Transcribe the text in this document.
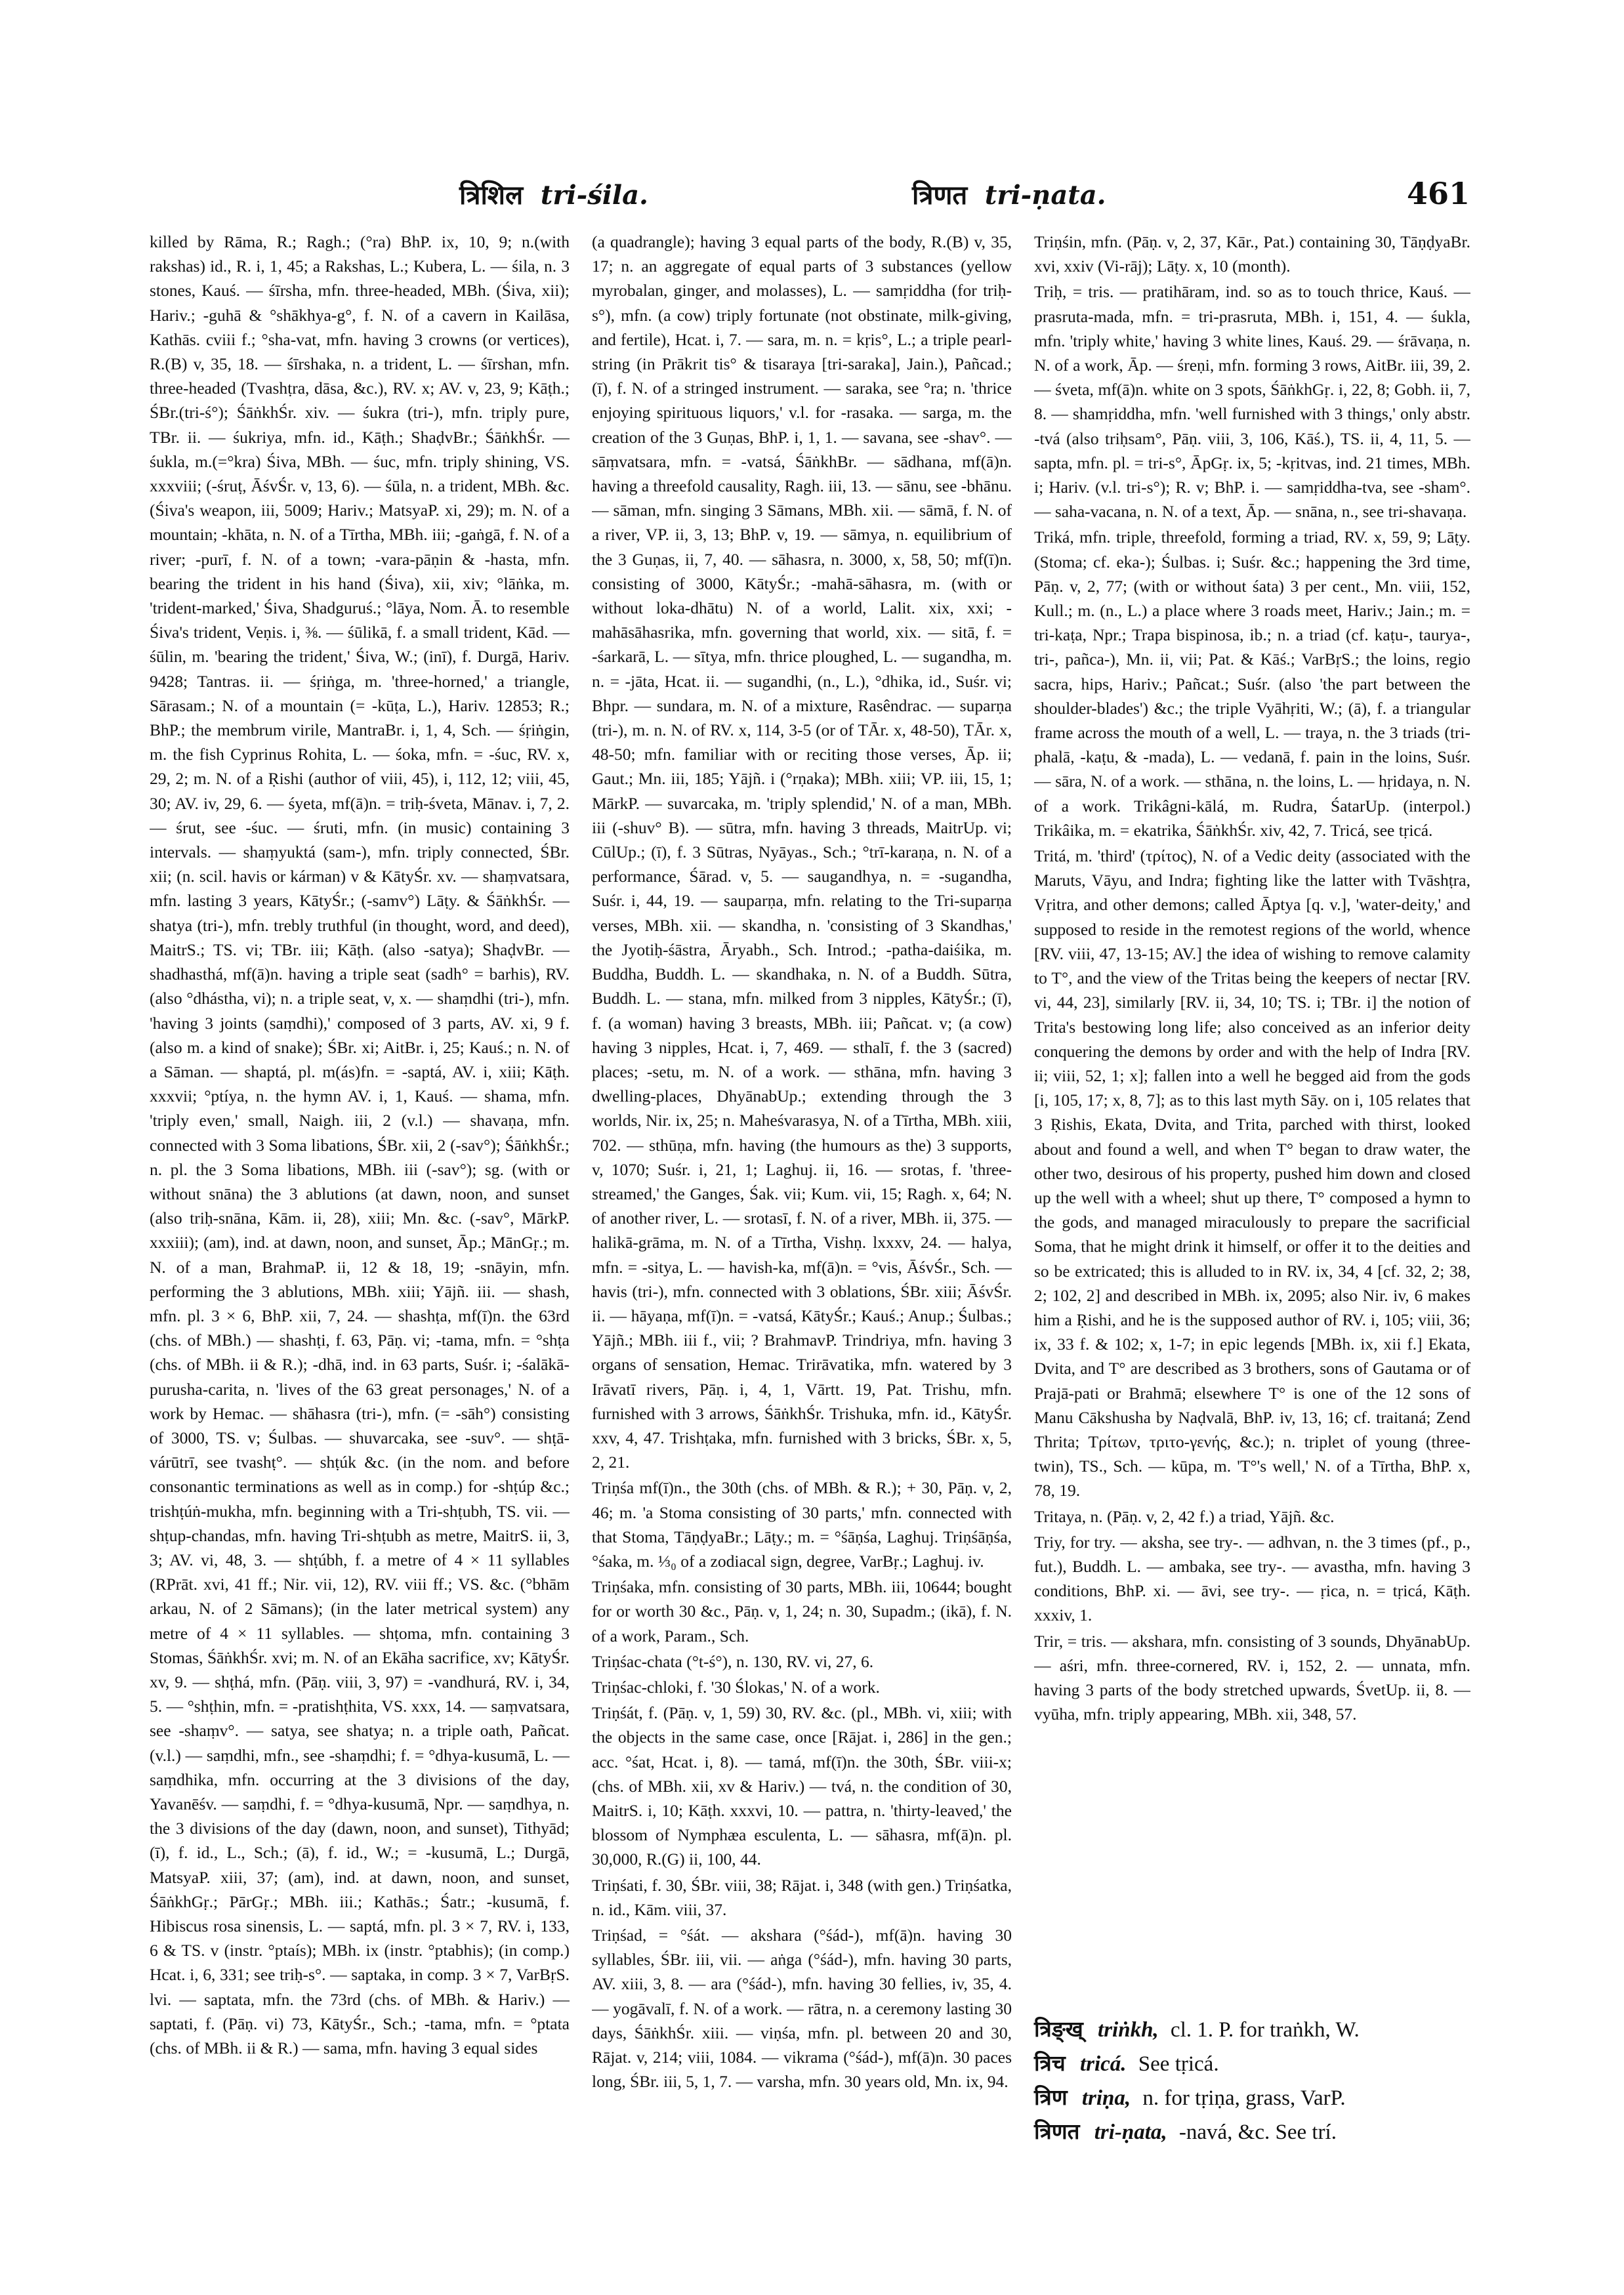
त्रिशिल tri-śila.	त्रिणत tri-ṇata.	461

killed by Rāma, R.; Ragh.; (°ra) BhP. ix, 10, 9; n.(with rakshas) id., R. i, 1, 45; a Rakshas, L.; Kubera, L. — śila, n. 3 stones, Kauś. — śīrsha, mfn. three-headed, MBh. (Śiva, xii); Hariv.; -guhā & °shākhya-g°, f. N. of a cavern in Kailāsa, Kathās. cviii f.; °sha-vat, mfn. having 3 crowns (or vertices), R.(B) v, 35, 18. — śīrshaka, n. a trident, L. — śīrshan, mfn. three-headed (Tvashṭra, dāsa, &c.), RV. x; AV. v, 23, 9; Kāṭh.; ŚBr.(tri-ś°); ŚāṅkhŚr. xiv. — śukra (tri-), mfn. triply pure, TBr. ii. — śukriya, mfn. id., Kāṭh.; ShaḍvBr.; ŚāṅkhŚr. — śukla, m.(=°kra) Śiva, MBh. — śuc, mfn. triply shining, VS. xxxviii; (-śruṭ, ĀśvŚr. v, 13, 6). — śūla, n. a trident, MBh. &c. (Śiva's weapon, iii, 5009; Hariv.; MatsyaP. xi, 29); m. N. of a mountain; -khāta, n. N. of a Tīrtha, MBh. iii; -gaṅgā, f. N. of a river; -purī, f. N. of a town; -vara-pāṇin & -hasta, mfn. bearing the trident in his hand (Śiva), xii, xiv; °lāṅka, m. 'trident-marked,' Śiva, Shadguruś.; °lāya, Nom. Ā. to resemble Śiva's trident, Veṇis. i, ⅜. — śūlikā, f. a small trident, Kād. — śūlin, m. 'bearing the trident,' Śiva, W.; (inī), f. Durgā, Hariv. 9428; Tantras. ii. — śṛiṅga, m. 'three-horned,' a triangle, Sārasam.; N. of a mountain (= -kūṭa, L.), Hariv. 12853; R.; BhP.; the membrum virile, MantraBr. i, 1, 4, Sch. — śṛiṅgin, m. the fish Cyprinus Rohita, L. — śoka, mfn. = -śuc, RV. x, 29, 2; m. N. of a Ṛishi (author of viii, 45), i, 112, 12; viii, 45, 30; AV. iv, 29, 6. — śyeta, mf(ā)n. = triḥ-śveta, Mānav. i, 7, 2. — śrut, see -śuc. — śruti, mfn. (in music) containing 3 intervals. — shaṃyuktá (sam-), mfn. triply connected, ŚBr. xii; (n. scil. havis or kárman) v & KātyŚr. xv. — shaṃvatsara, mfn. lasting 3 years, KātyŚr.; (-samv°) Lāṭy. & ŚāṅkhŚr. — shatya (tri-), mfn. trebly truthful (in thought, word, and deed), MaitrS.; TS. vi; TBr. iii; Kāṭh. (also -satya); ShaḍvBr. — shadhasthá, mf(ā)n. having a triple seat (sadh° = barhis), RV. (also °dhástha, vi); n. a triple seat, v, x. — shaṃdhi (tri-), mfn. 'having 3 joints (saṃdhi),' composed of 3 parts, AV. xi, 9 f. (also m. a kind of snake); ŚBr. xi; AitBr. i, 25; Kauś.; n. N. of a Sāman. — shaptá, pl. m(ás)fn. = -saptá, AV. i, xiii; Kāṭh. xxxvii; °ptíya, n. the hymn AV. i, 1, Kauś. — shama, mfn. 'triply even,' small, Naigh. iii, 2 (v.l.) — shavaṇa, mfn. connected with 3 Soma libations, ŚBr. xii, 2 (-sav°); ŚāṅkhŚr.; n. pl. the 3 Soma libations, MBh. iii (-sav°); sg. (with or without snāna) the 3 ablutions (at dawn, noon, and sunset (also triḥ-snāna, Kām. ii, 28), xiii; Mn. &c. (-sav°, MārkP. xxxiii); (am), ind. at dawn, noon, and sunset, Āp.; MānGṛ.; m. N. of a man, BrahmaP. ii, 12 & 18, 19; -snāyin, mfn. performing the 3 ablutions, MBh. xiii; Yājñ. iii. — shash, mfn. pl. 3 × 6, BhP. xii, 7, 24. — shashṭa, mf(ī)n. the 63rd (chs. of MBh.) — shashṭi, f. 63, Pāṇ. vi; -tama, mfn. = °shṭa (chs. of MBh. ii & R.); -dhā, ind. in 63 parts, Suśr. i; -śalākā-purusha-carita, n. 'lives of the 63 great personages,' N. of a work by Hemac. — shāhasra (tri-), mfn. (= -sāh°) consisting of 3000, TS. v; Śulbas. — shuvarcaka, see -suv°. — shṭā-várūtrī, see tvashṭ°. — shṭúk &c. (in the nom. and before consonantic terminations as well as in comp.) for -shṭúp &c.; trishṭúṅ-mukha, mfn. beginning with a Tri-shṭubh, TS. vii. — shṭup-chandas, mfn. having Tri-shṭubh as metre, MaitrS. ii, 3, 3; AV. vi, 48, 3. — shṭúbh, f. a metre of 4 × 11 syllables (RPrāt. xvi, 41 ff.; Nir. vii, 12), RV. viii ff.; VS. &c. (°bhām arkau, N. of 2 Sāmans); (in the later metrical system) any metre of 4 × 11 syllables. — shṭoma, mfn. containing 3 Stomas, ŚāṅkhŚr. xvi; m. N. of an Ekāha sacrifice, xv; KātyŚr. xv, 9. — shṭhá, mfn. (Pāṇ. viii, 3, 97) = -vandhurá, RV. i, 34, 5. — °shṭhin, mfn. = -pratishṭhita, VS. xxx, 14. — saṃvatsara, see -shaṃv°. — satya, see shatya; n. a triple oath, Pañcat. (v.l.) — saṃdhi, mfn., see -shaṃdhi; f. = °dhya-kusumā, L. — saṃdhika, mfn. occurring at the 3 divisions of the day, Yavanēśv. — saṃdhi, f. = °dhya-kusumā, Npr. — saṃdhya, n. the 3 divisions of the day (dawn, noon, and sunset), Tithyād; (ī), f. id., L., Sch.; (ā), f. id., W.; = -kusumā, L.; Durgā, MatsyaP. xiii, 37; (am), ind. at dawn, noon, and sunset, ŚāṅkhGṛ.; PārGṛ.; MBh. iii.; Kathās.; Śatr.; -kusumā, f. Hibiscus rosa sinensis, L. — saptá, mfn. pl. 3 × 7, RV. i, 133, 6 & TS. v (instr. °ptaís); MBh. ix (instr. °ptabhis); (in comp.) Hcat. i, 6, 331; see triḥ-s°. — saptaka, in comp. 3 × 7, VarBṛS. lvi. — saptata, mfn. the 73rd (chs. of MBh. & Hariv.) — saptati, f. (Pāṇ. vi) 73, KātyŚr., Sch.; -tama, mfn. = °ptata (chs. of MBh. ii & R.) — sama, mfn. having 3 equal sides

(a quadrangle); having 3 equal parts of the body, R.(B) v, 35, 17; n. an aggregate of equal parts of 3 substances (yellow myrobalan, ginger, and molasses), L. — samṛiddha (for triḥ-s°), mfn. (a cow) triply fortunate (not obstinate, milk-giving, and fertile), Hcat. i, 7. — sara, m. n. = kṛis°, L.; a triple pearl-string (in Prākrit tis° & tisaraya [tri-saraka], Jain.), Pañcad.; (ī), f. N. of a stringed instrument. — saraka, see °ra; n. 'thrice enjoying spirituous liquors,' v.l. for -rasaka. — sarga, m. the creation of the 3 Guṇas, BhP. i, 1, 1. — savana, see -shav°. — sāṃvatsara, mfn. = -vatsá, ŚāṅkhBr. — sādhana, mf(ā)n. having a threefold causality, Ragh. iii, 13. — sānu, see -bhānu. — sāman, mfn. singing 3 Sāmans, MBh. xii. — sāmā, f. N. of a river, VP. ii, 3, 13; BhP. v, 19. — sāmya, n. equilibrium of the 3 Guṇas, ii, 7, 40. — sāhasra, n. 3000, x, 58, 50; mf(ī)n. consisting of 3000, KātyŚr.; -mahā-sāhasra, m. (with or without loka-dhātu) N. of a world, Lalit. xix, xxi; -mahāsāhasrika, mfn. governing that world, xix. — sitā, f. = -śarkarā, L. — sītya, mfn. thrice ploughed, L. — sugandha, m. n. = -jāta, Hcat. ii. — sugandhi, (n., L.), °dhika, id., Suśr. vi; Bhpr. — sundara, m. N. of a mixture, Rasêndrac. — suparṇa (tri-), m. n. N. of RV. x, 114, 3-5 (or of TĀr. x, 48-50), TĀr. x, 48-50; mfn. familiar with or reciting those verses, Āp. ii; Gaut.; Mn. iii, 185; Yājñ. i (°rṇaka); MBh. xiii; VP. iii, 15, 1; MārkP. — suvarcaka, m. 'triply splendid,' N. of a man, MBh. iii (-shuv° B). — sūtra, mfn. having 3 threads, MaitrUp. vi; CūlUp.; (ī), f. 3 Sūtras, Nyāyas., Sch.; °trī-karaṇa, n. N. of a performance, Śārad. v, 5. — saugandhya, n. = -sugandha, Suśr. i, 44, 19. — sauparṇa, mfn. relating to the Tri-suparṇa verses, MBh. xii. — skandha, n. 'consisting of 3 Skandhas,' the Jyotiḥ-śāstra, Āryabh., Sch. Introd.; -patha-daiśika, m. Buddha, Buddh. L. — skandhaka, n. N. of a Buddh. Sūtra, Buddh. L. — stana, mfn. milked from 3 nipples, KātyŚr.; (ī), f. (a woman) having 3 breasts, MBh. iii; Pañcat. v; (a cow) having 3 nipples, Hcat. i, 7, 469. — sthalī, f. the 3 (sacred) places; -setu, m. N. of a work. — sthāna, mfn. having 3 dwelling-places, DhyānabUp.; extending through the 3 worlds, Nir. ix, 25; n. Maheśvarasya, N. of a Tīrtha, MBh. xiii, 702. — sthūṇa, mfn. having (the humours as the) 3 supports, v, 1070; Suśr. i, 21, 1; Laghuj. ii, 16. — srotas, f. 'three-streamed,' the Ganges, Śak. vii; Kum. vii, 15; Ragh. x, 64; N. of another river, L. — srotasī, f. N. of a river, MBh. ii, 375. — halikā-grāma, m. N. of a Tīrtha, Vishṇ. lxxxv, 24. — halya, mfn. = -sitya, L. — havish-ka, mf(ā)n. = °vis, ĀśvŚr., Sch. — havis (tri-), mfn. connected with 3 oblations, ŚBr. xiii; ĀśvŚr. ii. — hāyaṇa, mf(ī)n. = -vatsá, KātyŚr.; Kauś.; Anup.; Śulbas.; Yājñ.; MBh. iii f., vii; ? BrahmavP. Trindriya, mfn. having 3 organs of sensation, Hemac. Trirāvatika, mfn. watered by 3 Irāvatī rivers, Pāṇ. i, 4, 1, Vārtt. 19, Pat. Trishu, mfn. furnished with 3 arrows, ŚāṅkhŚr. Trishuka, mfn. id., KātyŚr. xxv, 4, 47. Trishṭaka, mfn. furnished with 3 bricks, ŚBr. x, 5, 2, 21.

Triṇśa mf(ī)n., the 30th (chs. of MBh. & R.); + 30, Pāṇ. v, 2, 46; m. 'a Stoma consisting of 30 parts,' mfn. connected with that Stoma, TāṇḍyaBr.; Lāṭy.; m. = °śāṇśa, Laghuj. Triṇśāṇśa, °śaka, m. ⅓₀ of a zodiacal sign, degree, VarBṛ.; Laghuj. iv.

Triṇśaka, mfn. consisting of 30 parts, MBh. iii, 10644; bought for or worth 30 &c., Pāṇ. v, 1, 24; n. 30, Supadm.; (ikā), f. N. of a work, Param., Sch.

Triṇśac-chata (°t-ś°), n. 130, RV. vi, 27, 6.

Triṇśac-chloki, f. '30 Ślokas,' N. of a work.

Triṇśát, f. (Pāṇ. v, 1, 59) 30, RV. &c. (pl., MBh. vi, xiii; with the objects in the same case, once [Rājat. i, 286] in the gen.; acc. °śat, Hcat. i, 8). — tamá, mf(ī)n. the 30th, ŚBr. viii-x; (chs. of MBh. xii, xv & Hariv.) — tvá, n. the condition of 30, MaitrS. i, 10; Kāṭh. xxxvi, 10. — pattra, n. 'thirty-leaved,' the blossom of Nymphæa esculenta, L. — sāhasra, mf(ā)n. pl. 30,000, R.(G) ii, 100, 44.

Triṇśati, f. 30, ŚBr. viii, 38; Rājat. i, 348 (with gen.) Triṇśatka, n. id., Kām. viii, 37.

Triṇśad, = °śát. — akshara (°śád-), mf(ā)n. having 30 syllables, ŚBr. iii, vii. — aṅga (°śád-), mfn. having 30 parts, AV. xiii, 3, 8. — ara (°śád-), mfn. having 30 fellies, iv, 35, 4. — yogāvalī, f. N. of a work. — rātra, n. a ceremony lasting 30 days, ŚāṅkhŚr. xiii. — viṇśa, mfn. pl. between 20 and 30, Rājat. v, 214; viii, 1084. — vikrama (°śád-), mf(ā)n. 30 paces long, ŚBr. iii, 5, 1, 7. — varsha, mfn. 30 years old, Mn. ix, 94.

Triṇśin, mfn. (Pāṇ. v, 2, 37, Kār., Pat.) containing 30, TāṇḍyaBr. xvi, xxiv (Vi-rāj); Lāṭy. x, 10 (month).

Triḥ, = tris. — pratihāram, ind. so as to touch thrice, Kauś. — prasruta-mada, mfn. = tri-prasruta, MBh. i, 151, 4. — śukla, mfn. 'triply white,' having 3 white lines, Kauś. 29. — śrāvaṇa, n. N. of a work, Āp. — śreṇi, mfn. forming 3 rows, AitBr. iii, 39, 2. — śveta, mf(ā)n. white on 3 spots, ŚāṅkhGṛ. i, 22, 8; Gobh. ii, 7, 8. — shamṛiddha, mfn. 'well furnished with 3 things,' only abstr. -tvá (also triḥsam°, Pāṇ. viii, 3, 106, Kāś.), TS. ii, 4, 11, 5. — sapta, mfn. pl. = tri-s°, ĀpGṛ. ix, 5; -kṛitvas, ind. 21 times, MBh. i; Hariv. (v.l. tri-s°); R. v; BhP. i. — samṛiddha-tva, see -sham°. — saha-vacana, n. N. of a text, Āp. — snāna, n., see tri-shavaṇa.

Triká, mfn. triple, threefold, forming a triad, RV. x, 59, 9; Lāṭy. (Stoma; cf. eka-); Śulbas. i; Suśr. &c.; happening the 3rd time, Pāṇ. v, 2, 77; (with or without śata) 3 per cent., Mn. viii, 152, Kull.; m. (n., L.) a place where 3 roads meet, Hariv.; Jain.; m. = tri-kaṭa, Npr.; Trapa bispinosa, ib.; n. a triad (cf. kaṭu-, taurya-, tri-, pañca-), Mn. ii, vii; Pat. & Kāś.; VarBṛS.; the loins, regio sacra, hips, Hariv.; Pañcat.; Suśr. (also 'the part between the shoulder-blades') &c.; the triple Vyāhṛiti, W.; (ā), f. a triangular frame across the mouth of a well, L. — traya, n. the 3 triads (tri-phalā, -kaṭu, & -mada), L. — vedanā, f. pain in the loins, Suśr. — sāra, N. of a work. — sthāna, n. the loins, L. — hṛidaya, n. N. of a work. Trikâgni-kālá, m. Rudra, ŚatarUp. (interpol.) Trikâika, m. = ekatrika, ŚāṅkhŚr. xiv, 42, 7. Tricá, see tṛicá.

Tritá, m. 'third' (τρίτος), N. of a Vedic deity (associated with the Maruts, Vāyu, and Indra; fighting like the latter with Tvāshṭra, Vṛitra, and other demons; called Āptya [q. v.], 'water-deity,' and supposed to reside in the remotest regions of the world, whence [RV. viii, 47, 13-15; AV.] the idea of wishing to remove calamity to T°, and the view of the Tritas being the keepers of nectar [RV. vi, 44, 23], similarly [RV. ii, 34, 10; TS. i; TBr. i] the notion of Trita's bestowing long life; also conceived as an inferior deity conquering the demons by order and with the help of Indra [RV. ii; viii, 52, 1; x]; fallen into a well he begged aid from the gods [i, 105, 17; x, 8, 7]; as to this last myth Sāy. on i, 105 relates that 3 Ṛishis, Ekata, Dvita, and Trita, parched with thirst, looked about and found a well, and when T° began to draw water, the other two, desirous of his property, pushed him down and closed up the well with a wheel; shut up there, T° composed a hymn to the gods, and managed miraculously to prepare the sacrificial Soma, that he might drink it himself, or offer it to the deities and so be extricated; this is alluded to in RV. ix, 34, 4 [cf. 32, 2; 38, 2; 102, 2] and described in MBh. ix, 2095; also Nir. iv, 6 makes him a Ṛishi, and he is the supposed author of RV. i, 105; viii, 36; ix, 33 f. & 102; x, 1-7; in epic legends [MBh. ix, xii f.] Ekata, Dvita, and T° are described as 3 brothers, sons of Gautama or of Prajā-pati or Brahmā; elsewhere T° is one of the 12 sons of Manu Cākshusha by Naḍvalā, BhP. iv, 13, 16; cf. traitaná; Zend Thrita; Τρίτων, τριτο-γενής, &c.); n. triplet of young (three-twin), TS., Sch. — kūpa, m. 'T°'s well,' N. of a Tīrtha, BhP. x, 78, 19.

Tritaya, n. (Pāṇ. v, 2, 42 f.) a triad, Yājñ. &c.

Triy, for try. — aksha, see try-. — adhvan, n. the 3 times (pf., p., fut.), Buddh. L. — ambaka, see try-. — avastha, mfn. having 3 conditions, BhP. xi. — āvi, see try-. — ṛica, n. = tṛicá, Kāṭh. xxxiv, 1.

Trir, = tris. — akshara, mfn. consisting of 3 sounds, DhyānabUp. — aśri, mfn. three-cornered, RV. i, 152, 2. — unnata, mfn. having 3 parts of the body stretched upwards, ŚvetUp. ii, 8. — vyūha, mfn. triply appearing, MBh. xii, 348, 57.

त्रिङ्ख् triṅkh, cl. 1. P. for traṅkh, W.
त्रिच tricá. See tṛicá.
त्रिण triṇa, n. for tṛiṇa, grass, VarP.
त्रिणत tri-ṇata, -navá, &c. See trí.
